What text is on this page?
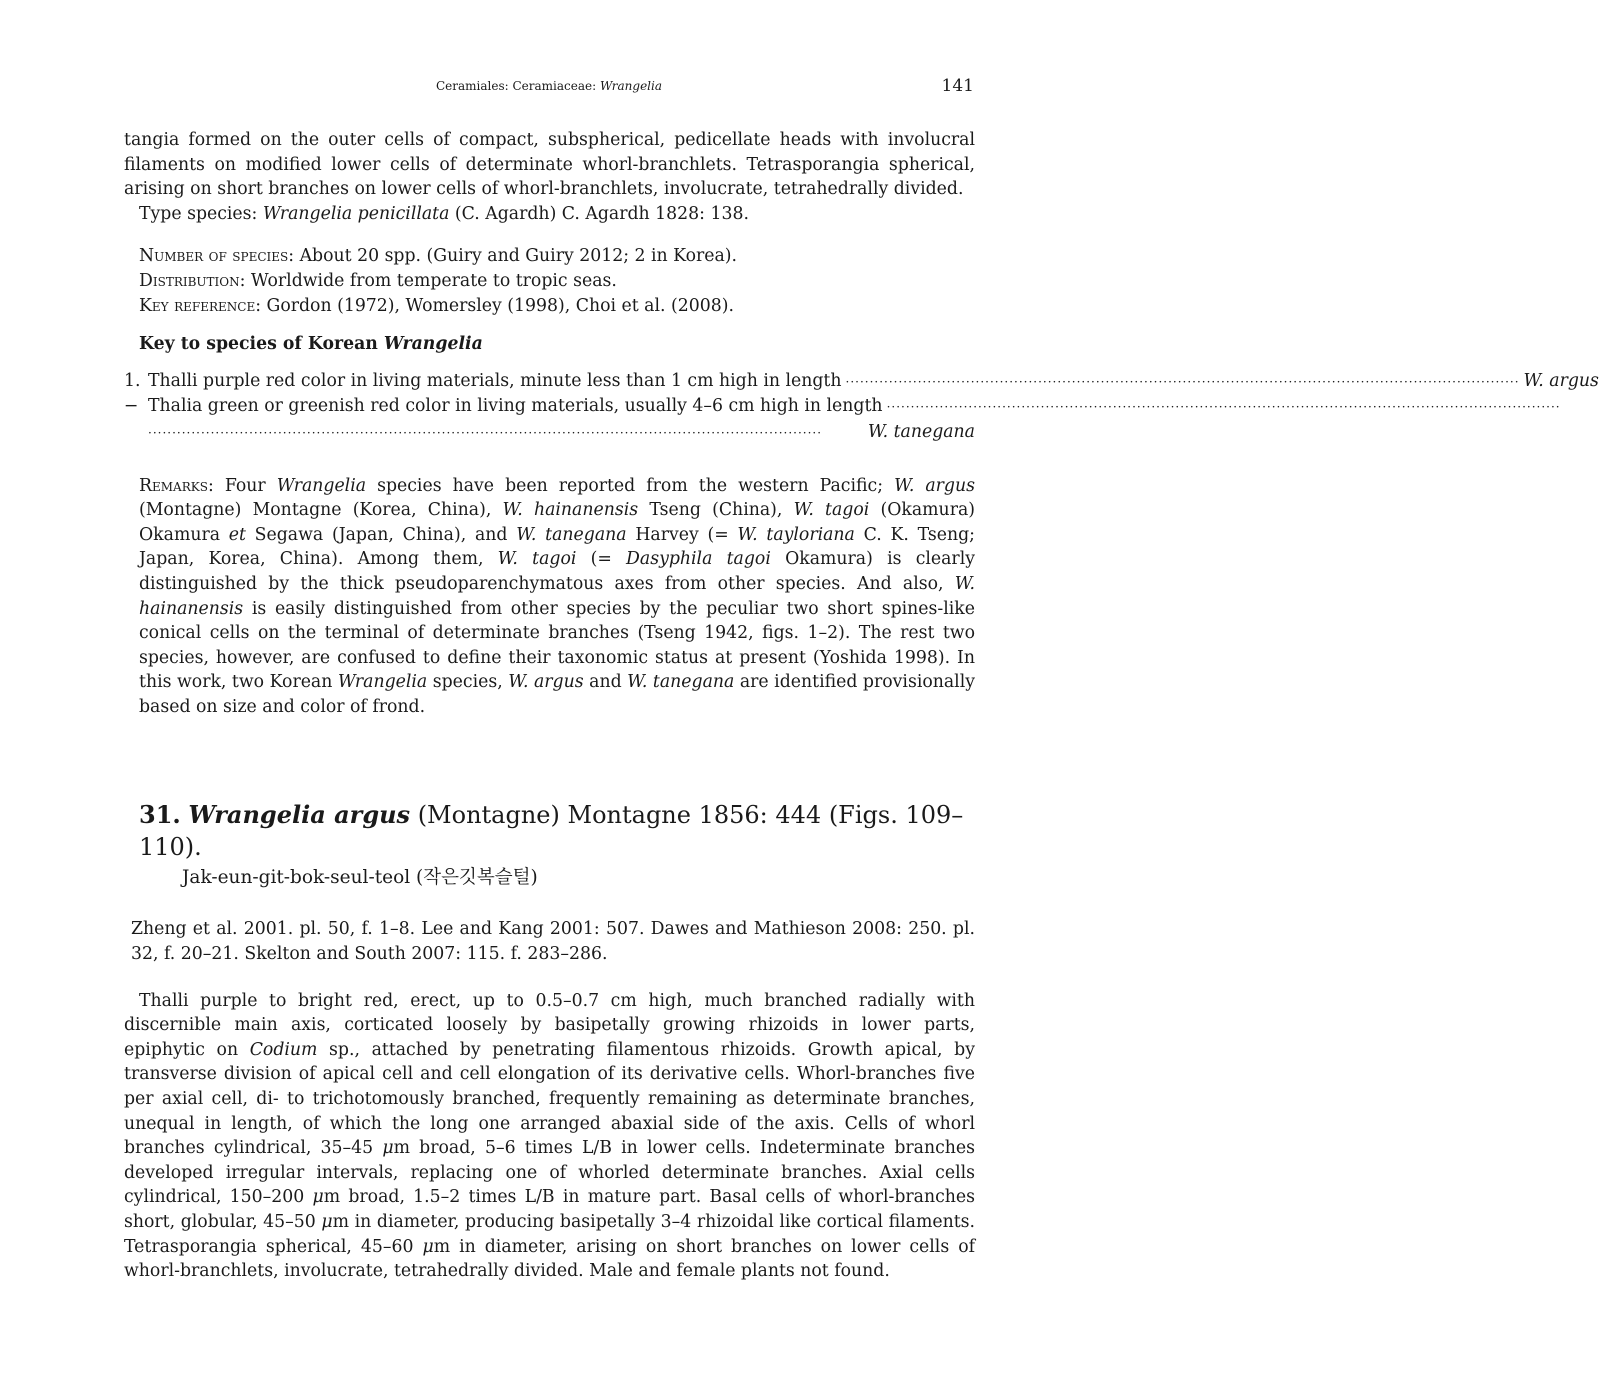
Ceramiales: Ceramiaceae: Wrangelia	141

tangia formed on the outer cells of compact, subspherical, pedicellate heads with involucral filaments on modified lower cells of determinate whorl-branchlets. Tetrasporangia spherical, arising on short branches on lower cells of whorl-branchlets, involucrate, tetrahedrally divided.

Type species: Wrangelia penicillata (C. Agardh) C. Agardh 1828: 138.

Number of species: About 20 spp. (Guiry and Guiry 2012; 2 in Korea).

Distribution: Worldwide from temperate to tropic seas.

Key reference: Gordon (1972), Womersley (1998), Choi et al. (2008).

Key to species of Korean Wrangelia

1. Thalli purple red color in living materials, minute less than 1 cm high in length ············································································································································ W. argus
− Thalia green or greenish red color in living materials, usually 4–6 cm high in length ············································································································································
············································································································································	W. tanegana

Remarks: Four Wrangelia species have been reported from the western Pacific; W. argus (Montagne) Montagne (Korea, China), W. hainanensis Tseng (China), W. tagoi (Okamura) Okamura et Segawa (Japan, China), and W. tanegana Harvey (= W. tayloriana C. K. Tseng; Japan, Korea, China). Among them, W. tagoi (= Dasyphila tagoi Okamura) is clearly distinguished by the thick pseudoparenchymatous axes from other species. And also, W. hainanensis is easily distinguished from other species by the peculiar two short spines-like conical cells on the terminal of determinate branches (Tseng 1942, figs. 1–2). The rest two species, however, are confused to define their taxonomic status at present (Yoshida 1998). In this work, two Korean Wrangelia species, W. argus and W. tanegana are identified provisionally based on size and color of frond.

31. Wrangelia argus (Montagne) Montagne 1856: 444 (Figs. 109–110).
Jak-eun-git-bok-seul-teol (작은깃복슬털)

Zheng et al. 2001. pl. 50, f. 1–8. Lee and Kang 2001: 507. Dawes and Mathieson 2008: 250. pl. 32, f. 20–21. Skelton and South 2007: 115. f. 283–286.

Thalli purple to bright red, erect, up to 0.5–0.7 cm high, much branched radially with discernible main axis, corticated loosely by basipetally growing rhizoids in lower parts, epiphytic on Codium sp., attached by penetrating filamentous rhizoids. Growth apical, by transverse division of apical cell and cell elongation of its derivative cells. Whorl-branches five per axial cell, di- to trichotomously branched, frequently remaining as determinate branches, unequal in length, of which the long one arranged abaxial side of the axis. Cells of whorl branches cylindrical, 35–45 μm broad, 5–6 times L/B in lower cells. Indeterminate branches developed irregular intervals, replacing one of whorled determinate branches. Axial cells cylindrical, 150–200 μm broad, 1.5–2 times L/B in mature part. Basal cells of whorl-branches short, globular, 45–50 μm in diameter, producing basipetally 3–4 rhizoidal like cortical filaments. Tetrasporangia spherical, 45–60 μm in diameter, arising on short branches on lower cells of whorl-branchlets, involucrate, tetrahedrally divided. Male and female plants not found.
